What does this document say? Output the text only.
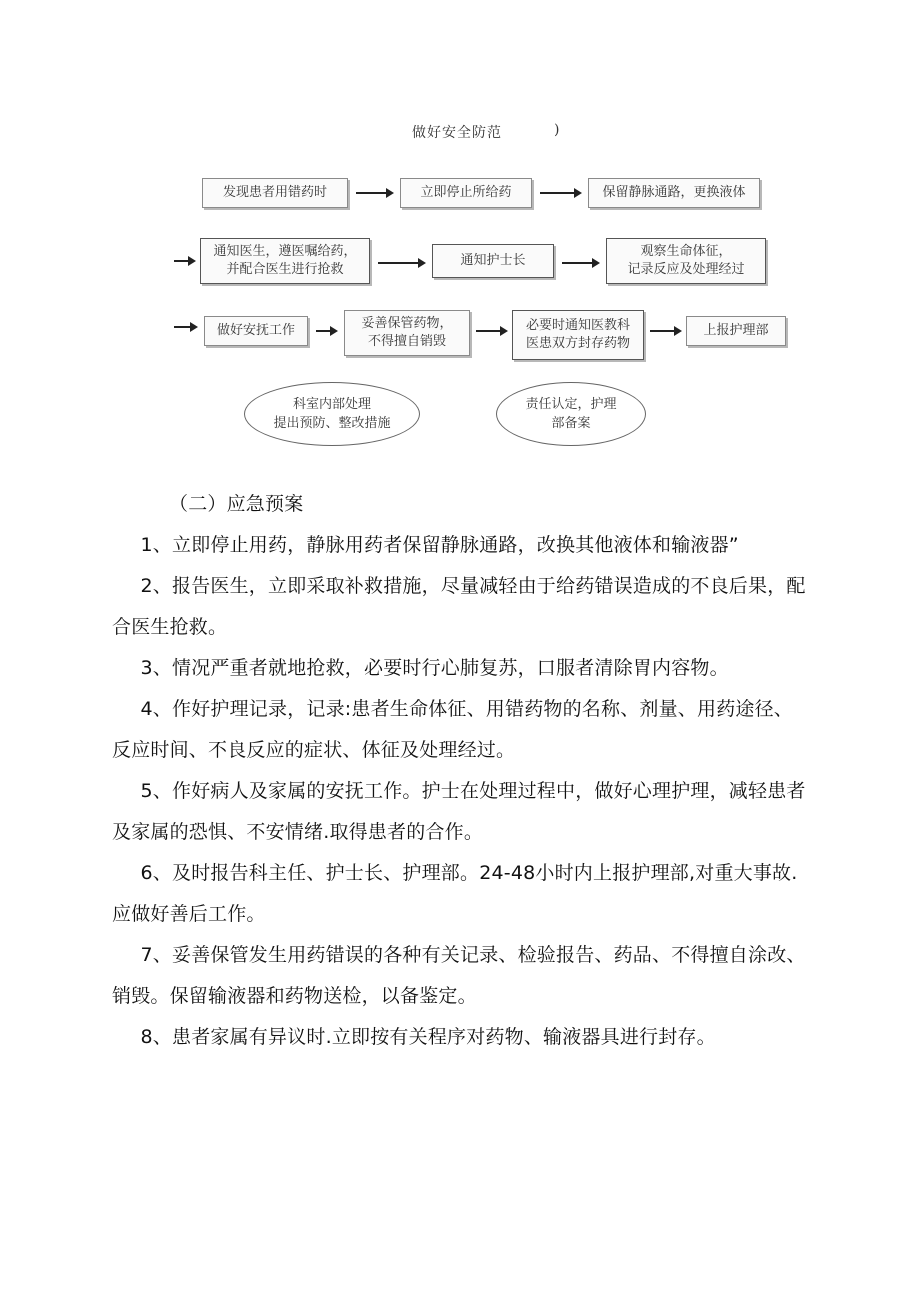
做好安全防范	)
发现患者用错药时	立即停止所给药	保留静脉通路，更换液体
通知医生，遵医嘱给药，
并配合医生进行抢救
通知护士长
观察生命体征，
记录反应及处理经过
做好安抚工作	妥善保管药物，
不得擅自销毁
必要时通知医教科
医患双方封存药物
上报护理部
科室内部处理
提出预防、整改措施
责任认定，护理
部备案

（二）应急预案

1、立即停止用药，静脉用药者保留静脉通路，改换其他液体和输液器”

2、报告医生，立即采取补救措施，尽量减轻由于给药错误造成的不良后果，配合医生抢救。

3、情况严重者就地抢救，必要时行心肺复苏，口服者清除胃内容物。

4、作好护理记录，记录:患者生命体征、用错药物的名称、剂量、用药途径、反应时间、不良反应的症状、体征及处理经过。

5、作好病人及家属的安抚工作。护士在处理过程中，做好心理护理，减轻患者及家属的恐惧、不安情绪.取得患者的合作。

6、及时报告科主任、护士长、护理部。24-48小时内上报护理部,对重大事故.应做好善后工作。

7、妥善保管发生用药错误的各种有关记录、检验报告、药品、不得擅自涂改、销毁。保留输液器和药物送检，以备鉴定。

8、患者家属有异议时.立即按有关程序对药物、输液器具进行封存。
